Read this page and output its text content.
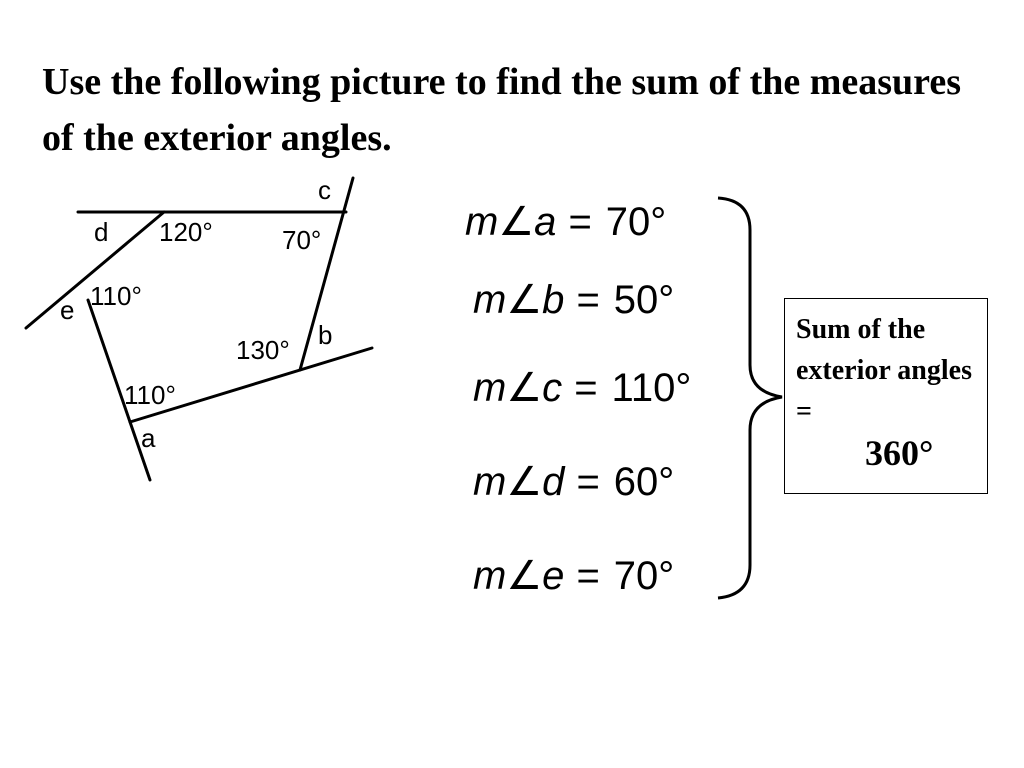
Use the following picture to find the sum of the measures of the exterior angles.
c
d 120°	70°
110°
e
b
130°
110°
a
m∠a = 70°
m∠b = 50°
m∠c = 110°
m∠d = 60°
m∠e = 70°
Sum of the exterior angles =
360°
